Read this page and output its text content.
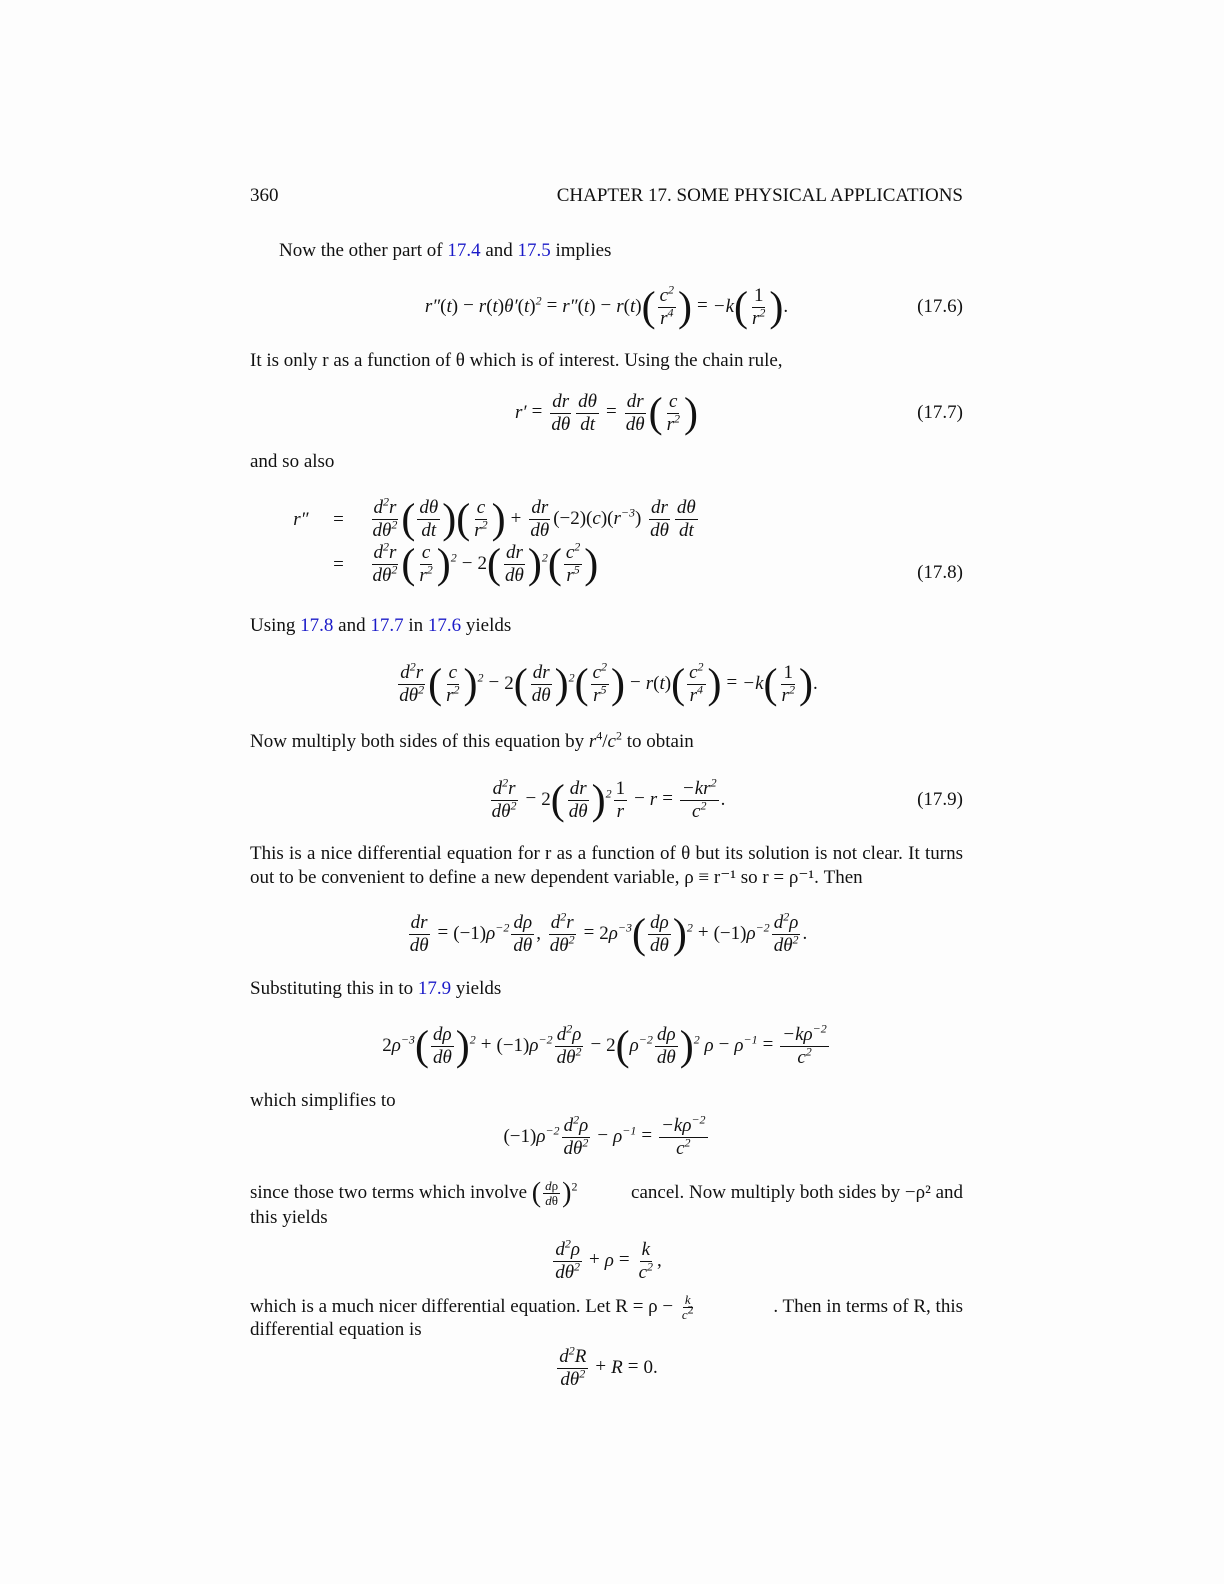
360	CHAPTER 17. SOME PHYSICAL APPLICATIONS
Now the other part of 17.4 and 17.5 implies
$r''(t) - r(t)\theta'(t)^2 = r''(t) - r(t)( \frac{c^2}{r^4}$ ) = $-k( \frac{1}{r^2}$ ).	(17.6)
It is only r as a function of θ which is of interest. Using the chain rule,
$r' = \frac{dr}{d\theta} \frac{d\theta}{dt} = \frac{dr}{d\theta}$ ( $\frac{c}{r^2}$ )	(17.7)
and so also
r″	=	$\frac{d^2r}{d\theta^2}$ ( $\frac{d\theta}{dt}$ )( $\frac{c}{r^2}$ ) + $\frac{dr}{d\theta} (-2)(c)(r^{-3}) \frac{dr}{d\theta} \frac{d\theta}{dt}$
=	$\frac{d^2r}{d\theta^2}$ ( $\frac{c}{r^2} )^2 - 2( \frac{dr}{d\theta} )^2( \frac{c^2}{r^5}$ )	(17.8)
Using 17.8 and 17.7 in 17.6 yields
$\frac{d^2r}{d\theta^2}$ ( $\frac{c}{r^2} )^2 - 2( \frac{dr}{d\theta} )^2( \frac{c^2}{r^5}$ ) − $r(t)( \frac{c^2}{r^4}$ ) = $-k( \frac{1}{r^2}$ ).
Now multiply both sides of this equation by $r^4/c^2$ to obtain
$\frac{d^2r}{d\theta^2} - 2( \frac{dr}{d\theta} )^2 \frac{1}{r} - r = \frac{-kr^2}{c^2}$ .	(17.9)
This is a nice differential equation for r as a function of θ but its solution is not clear. It turns out to be convenient to define a new dependent variable, ρ ≡ r⁻¹ so r = ρ⁻¹. Then
$\frac{dr}{d\theta} = (-1)\rho^{-2} \frac{d\rho}{d\theta}$ , $\frac{d^2r}{d\theta^2} = 2\rho^{-3}( \frac{d\rho}{d\theta} )^2 + (-1)\rho^{-2} \frac{d^2\rho}{d\theta^2}$ .
Substituting this in to 17.9 yields
$2\rho^{-3}( \frac{d\rho}{d\theta} )^2 + (-1)\rho^{-2} \frac{d^2\rho}{d\theta^2} - 2(\rho^{-2} \frac{d\rho}{d\theta} )^2$ $\rho - \rho^{-1} = \frac{-k\rho^{-2}}{c^2}$
which simplifies to
$(-1)\rho^{-2} \frac{d^2\rho}{d\theta^2} - \rho^{-1} = \frac{-k\rho^{-2}}{c^2}$
since those two terms which involve ( $\frac{d\rho}{d\theta} )^2$	cancel. Now multiply both sides by −ρ² and
this yields
$\frac{d^2\rho}{d\theta^2} + \rho = \frac{k}{c^2}$ ,
which is a much nicer differential equation. Let $R = \rho - \frac{k}{c^2}$	. Then in terms of R, this
differential equation is
$\frac{d^2R}{d\theta^2} + R = 0$.
